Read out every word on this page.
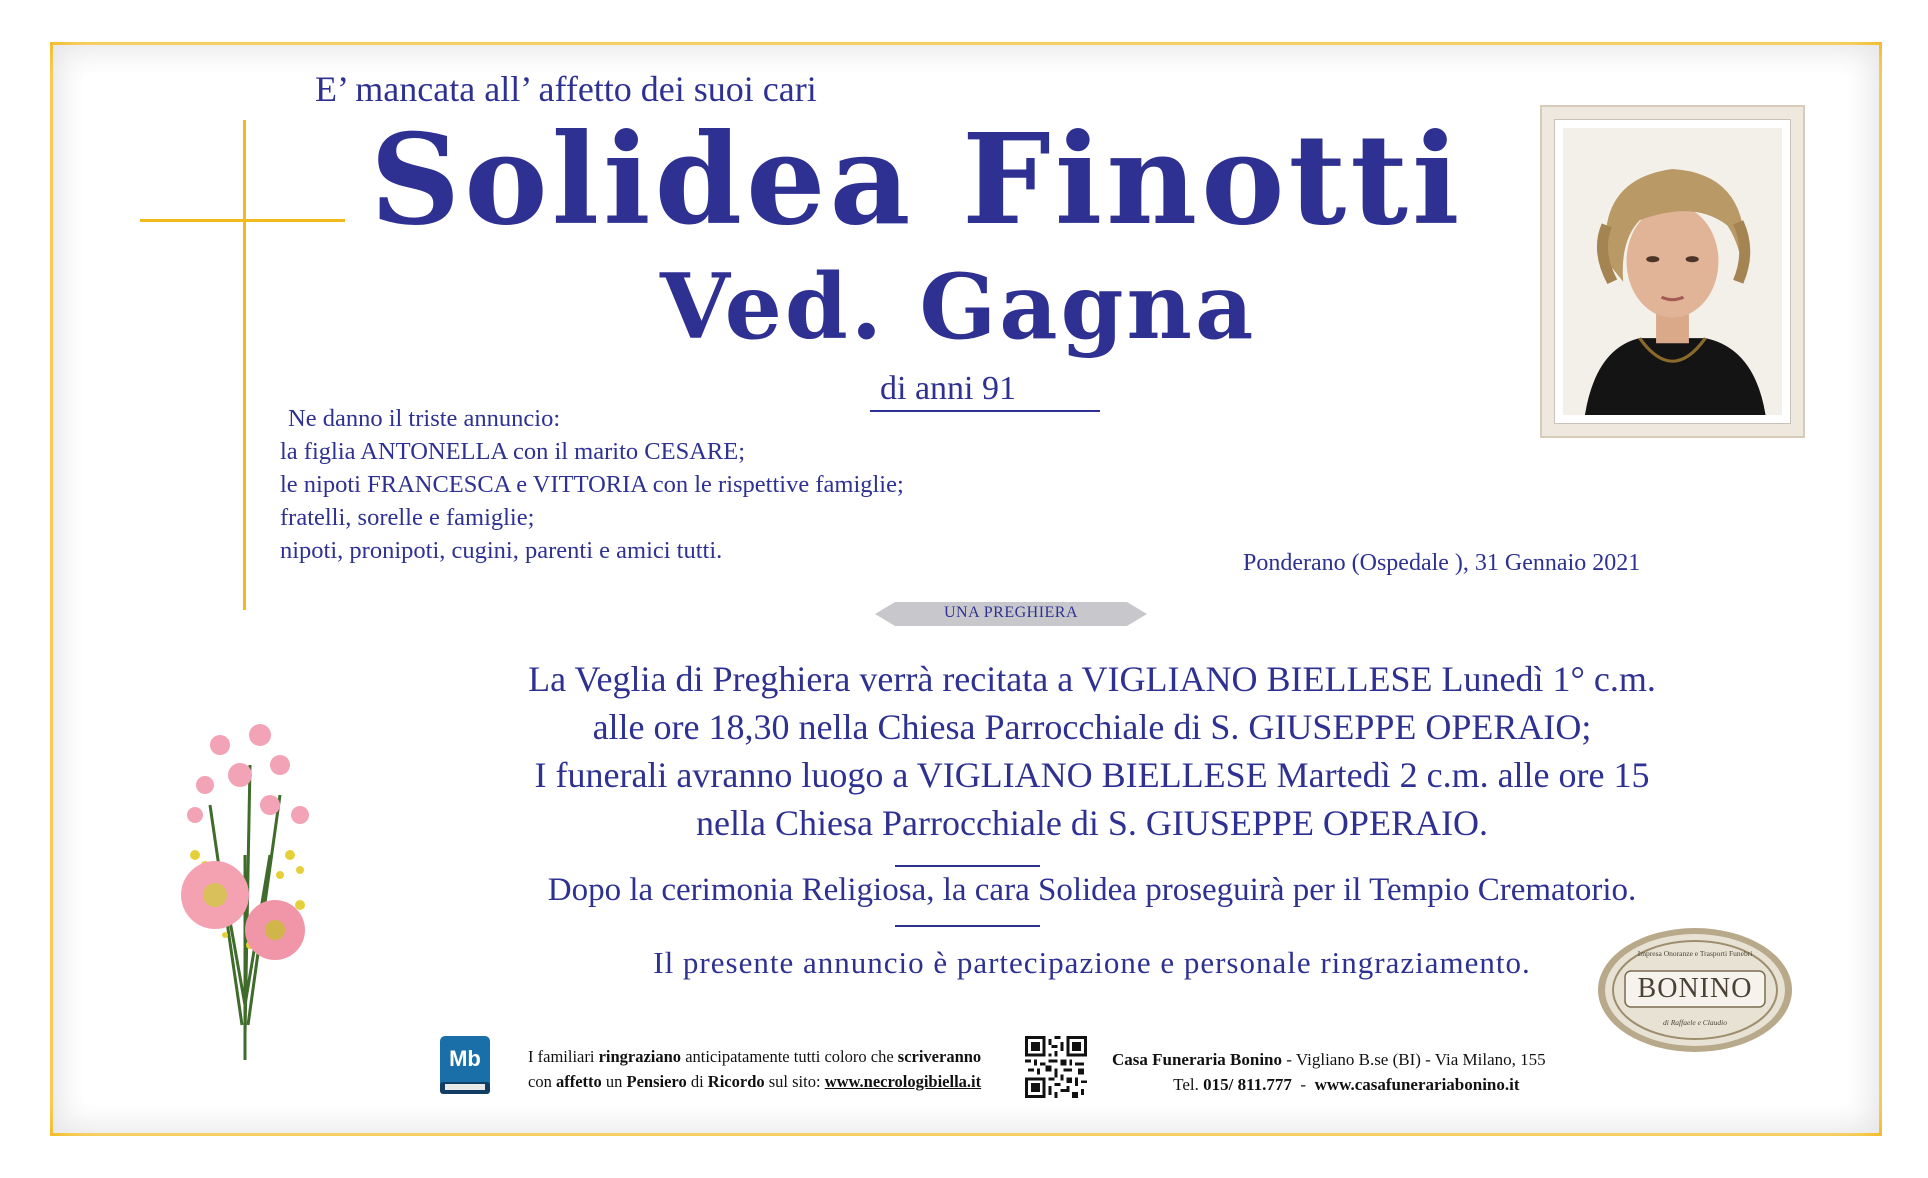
E’ mancata all’ affetto dei suoi cari
Solidea Finotti
Ved. Gagna
di anni 91
Ne danno il triste annuncio:
la figlia ANTONELLA con il marito CESARE;
le nipoti FRANCESCA e VITTORIA con le rispettive famiglie;
fratelli, sorelle e famiglie;
nipoti, pronipoti, cugini, parenti e amici tutti.	Ponderano (Ospedale ), 31 Gennaio 2021
UNA PREGHIERA
La Veglia di Preghiera verrà recitata a VIGLIANO BIELLESE Lunedì 1° c.m.
alle ore 18,30 nella Chiesa Parrocchiale di S. GIUSEPPE OPERAIO;
I funerali avranno luogo a VIGLIANO BIELLESE Martedì 2 c.m. alle ore 15
nella Chiesa Parrocchiale di S. GIUSEPPE OPERAIO.
Dopo la cerimonia Religiosa, la cara Solidea proseguirà per il Tempio Crematorio.
Il presente annuncio è partecipazione e personale ringraziamento.	Impresa Onoranze e Trasporti Funebri
BONINO
di Raffaele e Claudio
Mb	I familiari ringraziano anticipatamente tutti coloro che scriveranno
con affetto un Pensiero di Ricordo sul sito: www.necrologibiella.it
Casa Funeraria Bonino - Vigliano B.se (BI) - Via Milano, 155
Tel. 015/ 811.777  -  www.casafunerariabonino.it
